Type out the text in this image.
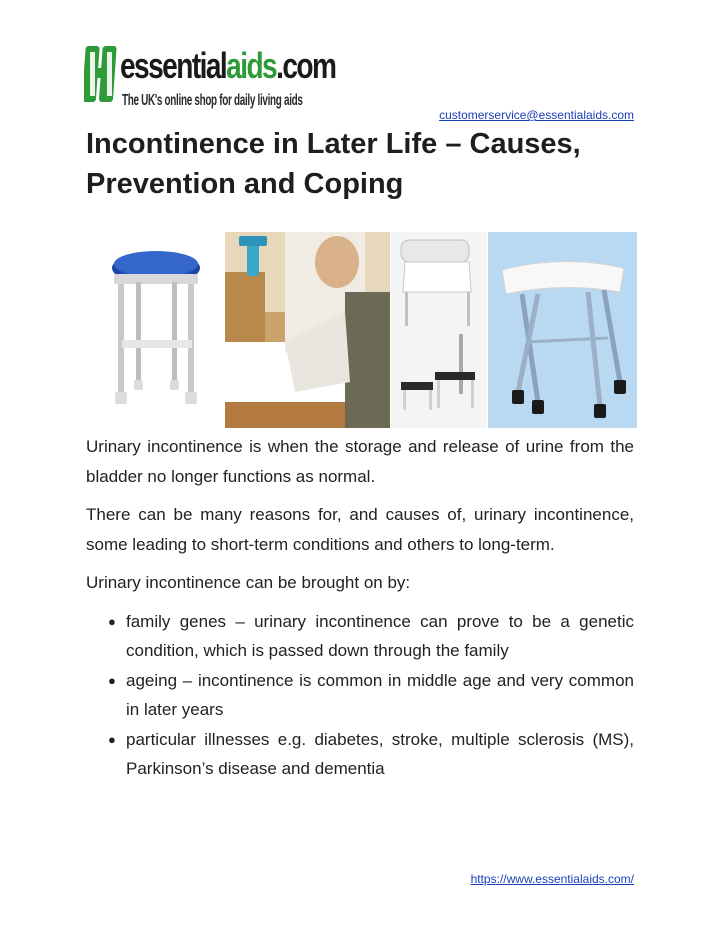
essentialaids.com
The UK's online shop for daily living aids
customerservice@essentialaids.com
Incontinence in Later Life – Causes, Prevention and Coping

Urinary incontinence is when the storage and release of urine from the bladder no longer functions as normal.

There can be many reasons for, and causes of, urinary incontinence, some leading to short-term conditions and others to long-term.

Urinary incontinence can be brought on by:

● family genes – urinary incontinence can prove to be a genetic condition, which is passed down through the family
● ageing – incontinence is common in middle age and very common in later years
● particular illnesses e.g. diabetes, stroke, multiple sclerosis (MS), Parkinson’s disease and dementia
https://www.essentialaids.com/
